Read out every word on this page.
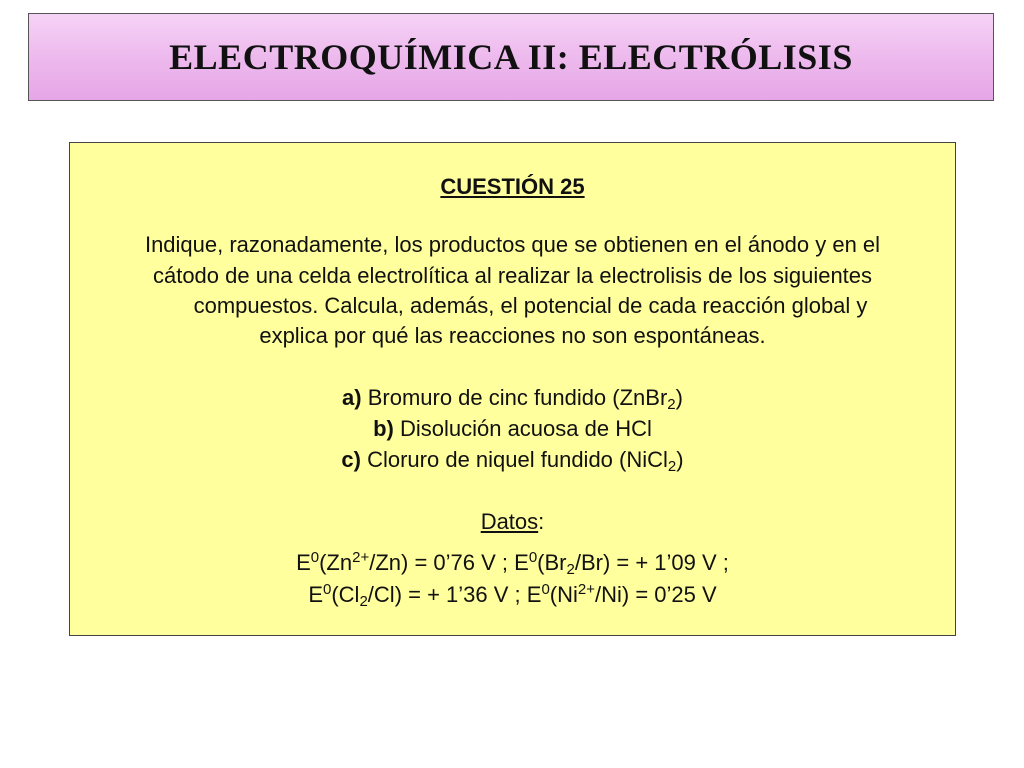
ELECTROQUÍMICA II: ELECTRÓLISIS
CUESTIÓN 25
Indique, razonadamente, los productos que se obtienen en el ánodo y en el
cátodo de una celda electrolítica al realizar la electrolisis de los siguientes
compuestos. Calcula, además, el potencial de cada reacción global y
explica por qué las reacciones no son espontáneas.
a) Bromuro de cinc fundido (ZnBr$_2$)
b) Disolución acuosa de HCl
c) Cloruro de niquel fundido (NiCl$_2$)
Datos:
$E^0(Zn^{2+}/Zn)$ = 0’76 V ; $E^0(Br_2/Br)$ = + 1’09 V ;
$E^0(Cl_2/Cl)$ = + 1’36 V ; $E^0(Ni^{2+}/Ni)$ = 0’25 V
